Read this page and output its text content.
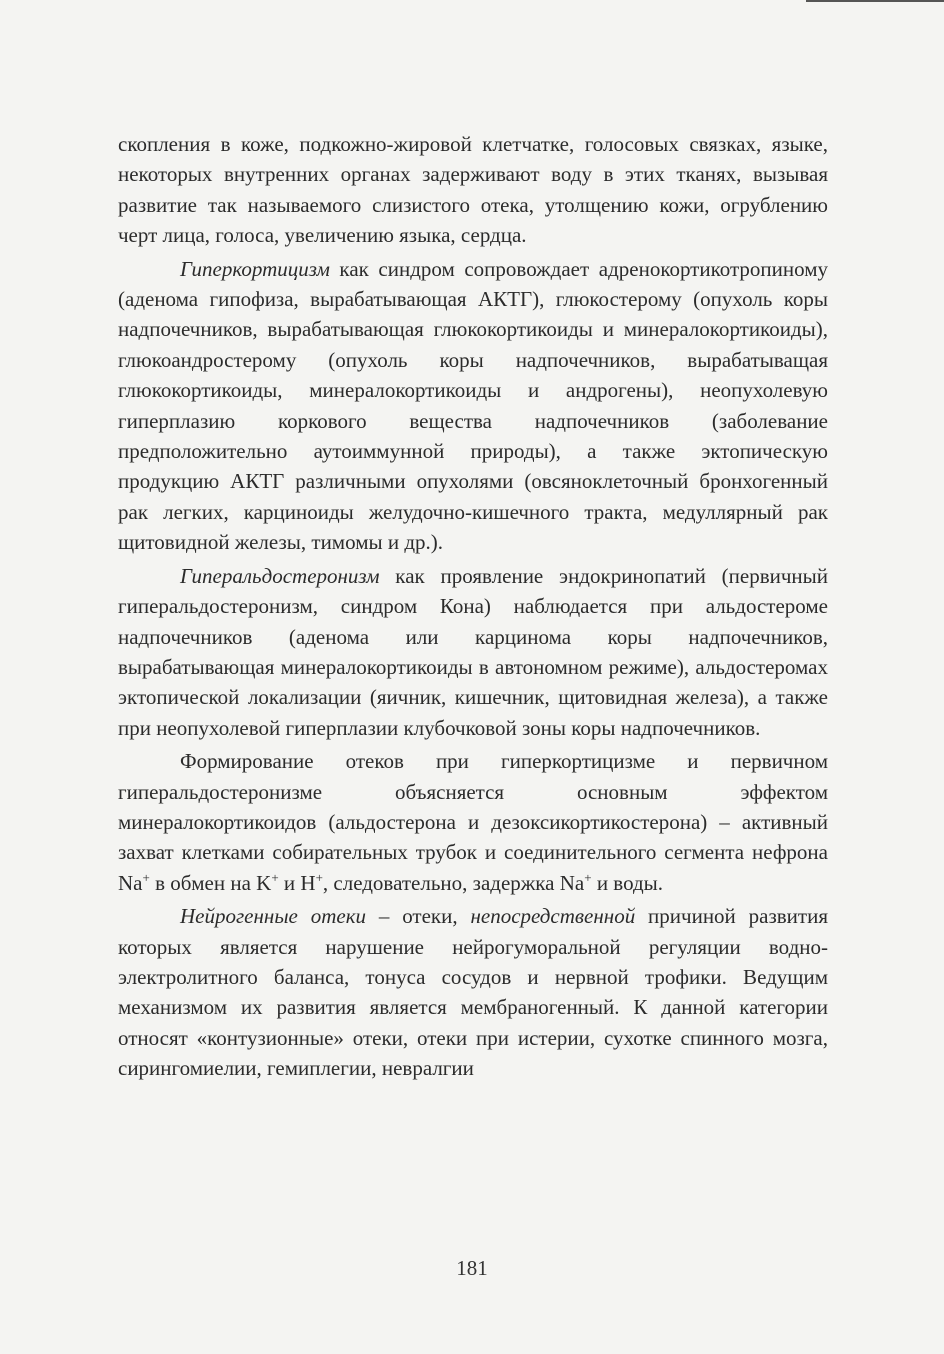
скопления в коже, подкожно-жировой клетчатке, голосовых связках, языке, некоторых внутренних органах задерживают воду в этих тканях, вызывая развитие так называемого слизистого отека, утолщению кожи, огрублению черт лица, голоса, увеличению языка, сердца.

Гиперкортицизм как синдром сопровождает адренокортикотропиному (аденома гипофиза, вырабатывающая АКТГ), глюкостерому (опухоль коры надпочечников, вырабатывающая глюкокортикоиды и минералокортикоиды), глюкоандростерому (опухоль коры надпочечников, вырабатыващая глюкокортикоиды, минералокортикоиды и андрогены), неопухолевую гиперплазию коркового вещества надпочечников (заболевание предположительно аутоиммунной природы), а также эктопическую продукцию АКТГ различными опухолями (овсяноклеточный бронхогенный рак легких, карциноиды желудочно-кишечного тракта, медуллярный рак щитовидной железы, тимомы и др.).

Гиперальдостеронизм как проявление эндокринопатий (первичный гиперальдостеронизм, синдром Кона) наблюдается при альдостероме надпочечников (аденома или карцинома коры надпочечников, вырабатывающая минералокортикоиды в автономном режиме), альдостеромах эктопической локализации (яичник, кишечник, щитовидная железа), а также при неопухолевой гиперплазии клубочковой зоны коры надпочечников.

Формирование отеков при гиперкортицизме и первичном гиперальдостеронизме объясняется основным эффектом минералокортикоидов (альдостерона и дезоксикортикостерона) – активный захват клетками собирательных трубок и соединительного сегмента нефрона Na+ в обмен на K+ и H+, следовательно, задержка Na+ и воды.

Нейрогенные отеки – отеки, непосредственной причиной развития которых является нарушение нейрогуморальной регуляции водно-электролитного баланса, тонуса сосудов и нервной трофики. Ведущим механизмом их развития является мембраногенный. К данной категории относят «контузионные» отеки, отеки при истерии, сухотке спинного мозга, сирингомиелии, гемиплегии, невралгии

181
